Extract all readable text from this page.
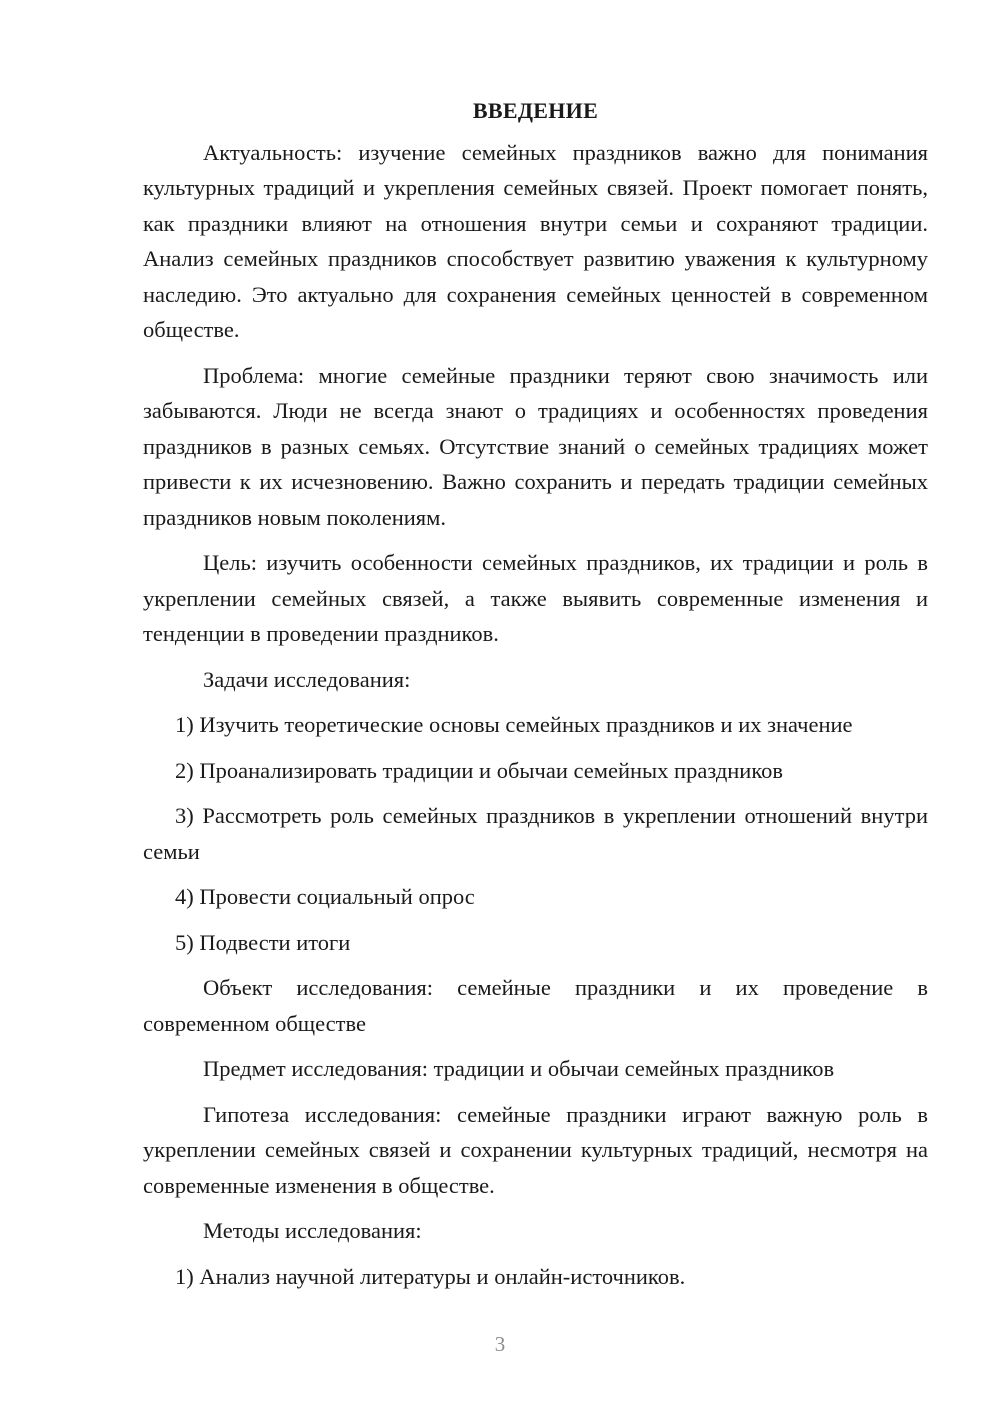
ВВЕДЕНИЕ

Актуальность: изучение семейных праздников важно для понимания культурных традиций и укрепления семейных связей. Проект помогает понять, как праздники влияют на отношения внутри семьи и сохраняют традиции. Анализ семейных праздников способствует развитию уважения к культурному наследию. Это актуально для сохранения семейных ценностей в современном обществе.

Проблема: многие семейные праздники теряют свою значимость или забываются. Люди не всегда знают о традициях и особенностях проведения праздников в разных семьях. Отсутствие знаний о семейных традициях может привести к их исчезновению. Важно сохранить и передать традиции семейных праздников новым поколениям.

Цель: изучить особенности семейных праздников, их традиции и роль в укреплении семейных связей, а также выявить современные изменения и тенденции в проведении праздников.

Задачи исследования:

1) Изучить теоретические основы семейных праздников и их значение

2) Проанализировать традиции и обычаи семейных праздников

3) Рассмотреть роль семейных праздников в укреплении отношений внутри семьи

4) Провести социальный опрос

5) Подвести итоги

Объект исследования: семейные праздники и их проведение в современном обществе

Предмет исследования: традиции и обычаи семейных праздников

Гипотеза исследования: семейные праздники играют важную роль в укреплении семейных связей и сохранении культурных традиций, несмотря на современные изменения в обществе.

Методы исследования:

1) Анализ научной литературы и онлайн-источников.

3
